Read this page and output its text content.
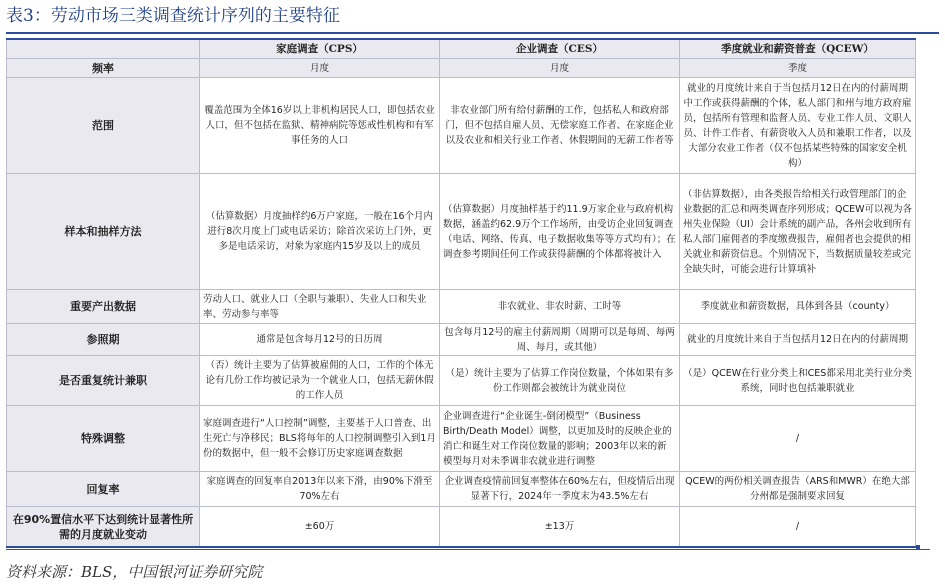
表3：劳动市场三类调查统计序列的主要特征
	家庭调查（CPS）	企业调查（CES）	季度就业和薪资普查（QCEW）
频率	月度	月度	季度
范围	覆盖范围为全体16岁以上非机构居民人口，即包括农业人口，但不包括在监狱、精神病院等惩戒性机构和有军事任务的人口	非农业部门所有给付薪酬的工作，包括私人和政府部门，但不包括自雇人员、无偿家庭工作者、在家庭企业以及农业和相关行业工作者、休假期间的无薪工作者等	就业的月度统计来自于当包括月12日在内的付薪周期中工作或获得薪酬的个体，私人部门和州与地方政府雇员，包括所有管理和监督人员、专业工作人员、文职人员、计件工作者、有薪资收入人员和兼职工作者，以及大部分农业工作者（仅不包括某些特殊的国家安全机构）
样本和抽样方法	（估算数据）月度抽样约6万户家庭，一般在16个月内进行8次月度上门或电话采访；除首次采访上门外，更多是电话采访，对象为家庭内15岁及以上的成员	（估算数据）月度抽样基于约11.9万家企业与政府机构数据，涵盖约62.9万个工作场所，由受访企业回复调查（电话、网络、传真、电子数据收集等等方式均有）；在调查参考期间任何工作或获得薪酬的个体都将被计入	（非估算数据），由各类报告给相关行政管理部门的企业数据的汇总和两类调查序列形成；QCEW可以视为各州失业保险（UI）会计系统的副产品，各州会收到所有私人部门雇佣者的季度缴费报告，雇佣者也会提供的相关就业和薪资信息。个别情况下，当数据质量较差或完全缺失时，可能会进行计算填补
重要产出数据	劳动人口、就业人口（全职与兼职）、失业人口和失业率、劳动参与率等	非农就业、非农时薪、工时等	季度就业和薪资数据，具体到各县（county）
参照期	通常是包含每月12号的日历周	包含每月12号的雇主付薪周期（周期可以是每周、每两周、每月，或其他）	就业的月度统计来自于当包括月12日在内的付薪周期
是否重复统计兼职	（否）统计主要为了估算被雇佣的人口，工作的个体无论有几份工作均被记录为一个就业人口，包括无薪休假的工作人员	（是）统计主要为了估算工作岗位数量，个体如果有多份工作则都会被统计为就业岗位	（是）QCEW在行业分类上和CES都采用北美行业分类系统，同时也包括兼职就业
特殊调整	家庭调查进行“人口控制”调整，主要基于人口普查、出生死亡与净移民；BLS将每年的人口控制调整引入到1月份的数据中，但一般不会修订历史家庭调查数据	企业调查进行“企业诞生-倒闭模型”（Business Birth/Death Model）调整，以更加及时的反映企业的消亡和诞生对工作岗位数量的影响；2003年以来的新模型每月对未季调非农就业进行调整	/
回复率	家庭调查的回复率自2013年以来下滑，由90%下滑至70%左右	企业调查疫情前回复率整体在60%左右，但疫情后出现显著下行，2024年一季度末为43.5%左右	QCEW的两份相关调查报告（ARS和MWR）在绝大部分州都是强制要求回复
在90%置信水平下达到统计显著性所需的月度就业变动	±60万	±13万	/
资料来源：BLS，中国银河证券研究院
